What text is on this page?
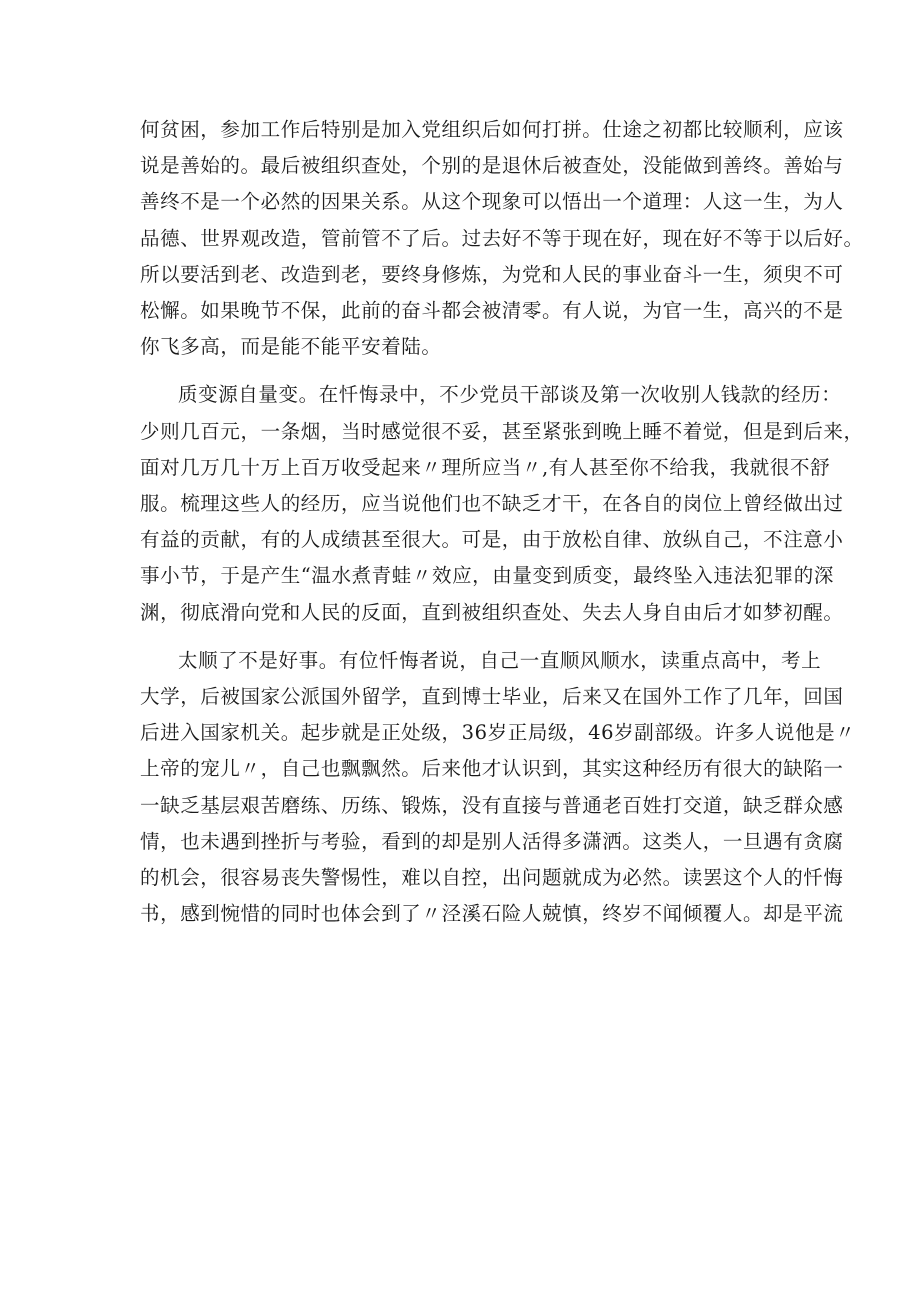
何贫困，参加工作后特别是加入党组织后如何打拼。仕途之初都比较顺利，应该
说是善始的。最后被组织查处，个别的是退休后被查处，没能做到善终。善始与
善终不是一个必然的因果关系。从这个现象可以悟出一个道理：人这一生，为人
品德、世界观改造，管前管不了后。过去好不等于现在好，现在好不等于以后好。
所以要活到老、改造到老，要终身修炼，为党和人民的事业奋斗一生，须臾不可
松懈。如果晚节不保，此前的奋斗都会被清零。有人说，为官一生，高兴的不是
你飞多高，而是能不能平安着陆。

质变源自量变。在忏悔录中，不少党员干部谈及第一次收别人钱款的经历：
少则几百元，一条烟，当时感觉很不妥，甚至紧张到晚上睡不着觉，但是到后来，
面对几万几十万上百万收受起来〃理所应当〃,有人甚至你不给我，我就很不舒
服。梳理这些人的经历，应当说他们也不缺乏才干，在各自的岗位上曾经做出过
有益的贡献，有的人成绩甚至很大。可是，由于放松自律、放纵自己，不注意小
事小节，于是产生“温水煮青蛙〃效应，由量变到质变，最终坠入违法犯罪的深
渊，彻底滑向党和人民的反面，直到被组织查处、失去人身自由后才如梦初醒。

太顺了不是好事。有位忏悔者说，自己一直顺风顺水，读重点高中，考上
大学，后被国家公派国外留学，直到博士毕业，后来又在国外工作了几年，回国
后进入国家机关。起步就是正处级，36岁正局级，46岁副部级。许多人说他是〃
上帝的宠儿〃，自己也飘飘然。后来他才认识到，其实这种经历有很大的缺陷一
一缺乏基层艰苦磨练、历练、锻炼，没有直接与普通老百姓打交道，缺乏群众感
情，也未遇到挫折与考验，看到的却是别人活得多潇洒。这类人，一旦遇有贪腐
的机会，很容易丧失警惕性，难以自控，出问题就成为必然。读罢这个人的忏悔
书，感到惋惜的同时也体会到了〃泾溪石险人兢慎，终岁不闻倾覆人。却是平流
